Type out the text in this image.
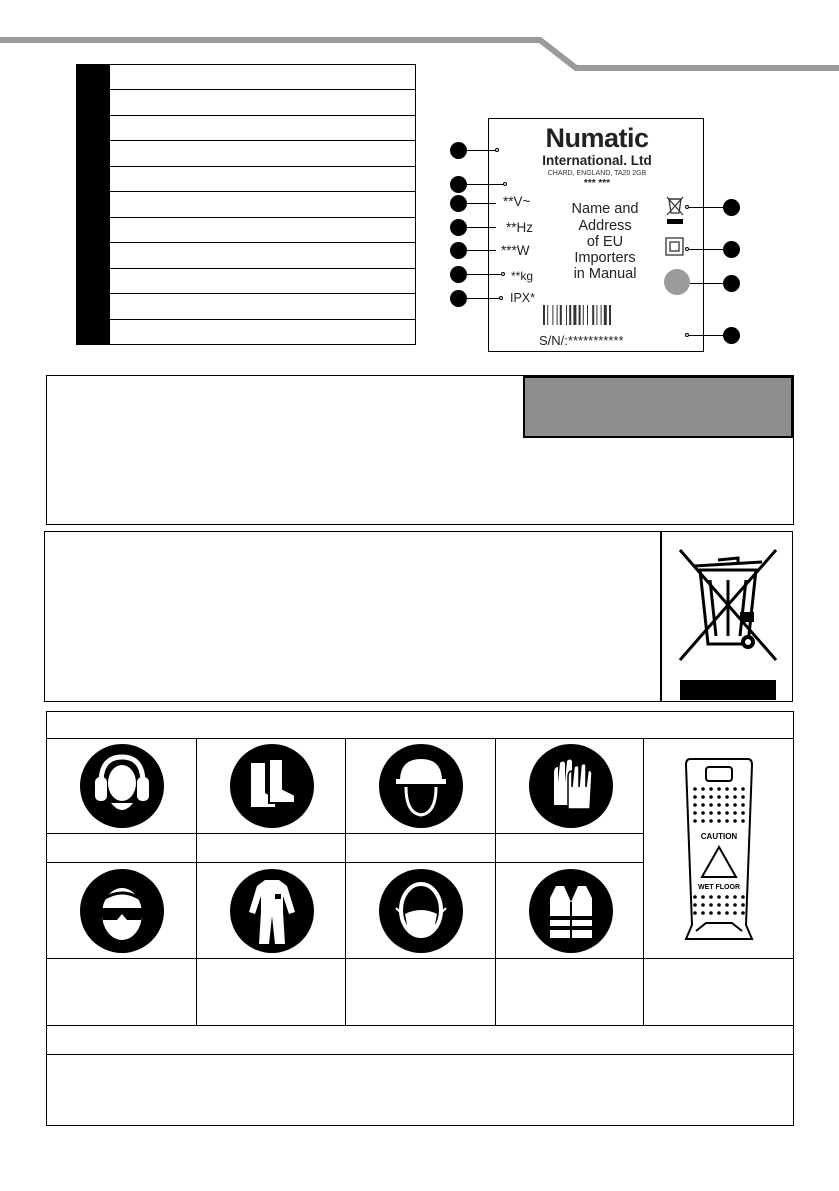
Numatic
International. Ltd
CHARD, ENGLAND, TA20 2GB
*** ***
Name and
Address
of EU
Importers
in Manual
**V~
**Hz
***W
**kg
IPX*
S/N/:***********
CAUTION
WET FLOOR
